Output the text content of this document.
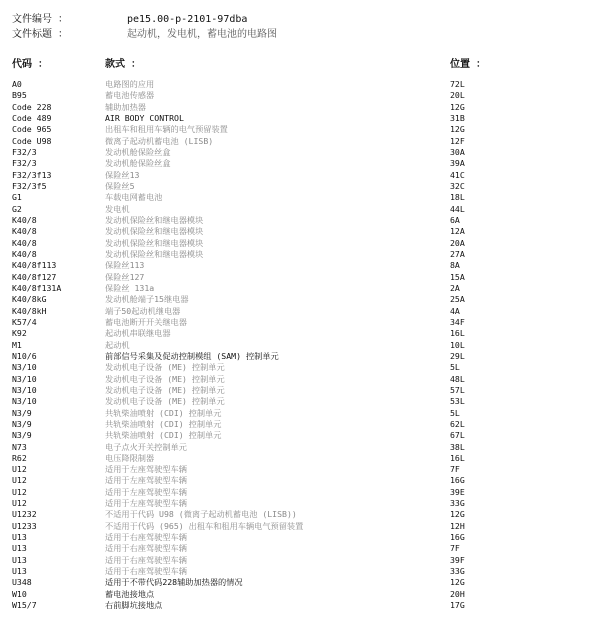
文件编号 ：	pe15.00-p-2101-97dba
文件标题 ：	起动机，发电机，蓄电池的电路图
代码 ：	款式 ：	位置 ：
A0	电路图的应用	72L
B95	蓄电池传感器	20L
Code 228	辅助加热器	12G
Code 489	AIR BODY CONTROL	31B
Code 965	出租车和租用车辆的电气预留装置	12G
Code U98	微离子起动机蓄电池 (LISB)	12F
F32/3	发动机舱保险丝盒	30A
F32/3	发动机舱保险丝盒	39A
F32/3f13	保险丝13	41C
F32/3f5	保险丝5	32C
G1	车载电网蓄电池	18L
G2	发电机	44L
K40/8	发动机保险丝和继电器模块	6A
K40/8	发动机保险丝和继电器模块	12A
K40/8	发动机保险丝和继电器模块	20A
K40/8	发动机保险丝和继电器模块	27A
K40/8f113	保险丝113	8A
K40/8f127	保险丝127	15A
K40/8f131A	保险丝 131a	2A
K40/8kG	发动机舱端子15继电器	25A
K40/8kH	端子50起动机继电器	4A
K57/4	蓄电池断开开关继电器	34F
K92	起动机串联继电器	16L
M1	起动机	10L
N10/6	前部信号采集及促动控制模组 (SAM) 控制单元	29L
N3/10	发动机电子设备 (ME) 控制单元	5L
N3/10	发动机电子设备 (ME) 控制单元	48L
N3/10	发动机电子设备 (ME) 控制单元	57L
N3/10	发动机电子设备 (ME) 控制单元	53L
N3/9	共轨柴油喷射 (CDI) 控制单元	5L
N3/9	共轨柴油喷射 (CDI) 控制单元	62L
N3/9	共轨柴油喷射 (CDI) 控制单元	67L
N73	电子点火开关控制单元	38L
R62	电压降限制器	16L
U12	适用于左座驾驶型车辆	7F
U12	适用于左座驾驶型车辆	16G
U12	适用于左座驾驶型车辆	39E
U12	适用于左座驾驶型车辆	33G
U1232	不适用于代码 U98 (微离子起动机蓄电池 (LISB))	12G
U1233	不适用于代码 (965) 出租车和租用车辆电气预留装置	12H
U13	适用于右座驾驶型车辆	16G
U13	适用于右座驾驶型车辆	7F
U13	适用于右座驾驶型车辆	39F
U13	适用于右座驾驶型车辆	33G
U348	适用于不带代码228辅助加热器的情况	12G
W10	蓄电池接地点	20H
W15/7	右前脚坑接地点	17G
